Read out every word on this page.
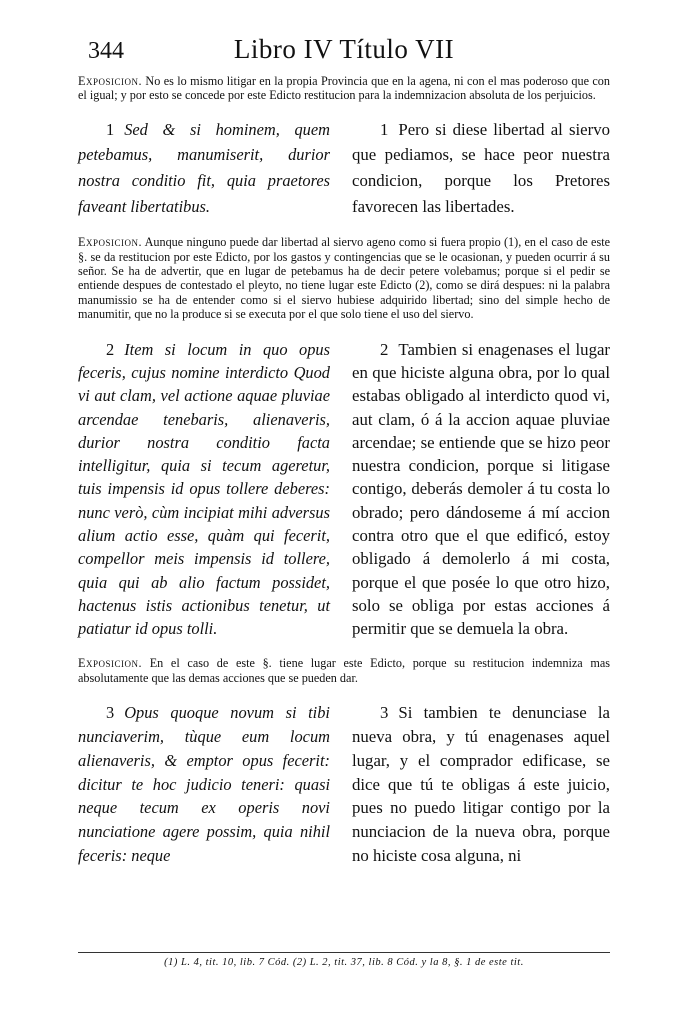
344	Libro IV Título VII

Exposicion. No es lo mismo litigar en la propia Provincia que en la agena, ni con el mas poderoso que con el igual; y por esto se concede por este Edicto restitucion para la indemnizacion absoluta de los perjuicios.

1 Sed & si hominem, quem petebamus, manumiserit, durior nostra conditio fit, quia praetores faveant libertatibus.

1 Pero si diese libertad al siervo que pediamos, se hace peor nuestra condicion, porque los Pretores favorecen las libertades.

Exposicion. Aunque ninguno puede dar libertad al siervo ageno como si fuera propio (1), en el caso de este §. se da restitucion por este Edicto, por los gastos y contingencias que se le ocasionan, y pueden ocurrir á su señor. Se ha de advertir, que en lugar de petebamus ha de decir petere volebamus; porque si el pedir se entiende despues de contestado el pleyto, no tiene lugar este Edicto (2), como se dirá despues: ni la palabra manumissio se ha de entender como si el siervo hubiese adquirido libertad; sino del simple hecho de manumitir, que no la produce si se executa por el que solo tiene el uso del siervo.

2 Item si locum in quo opus feceris, cujus nomine interdicto Quod vi aut clam, vel actione aquae pluviae arcendae tenebaris, alienaveris, durior nostra conditio facta intelligitur, quia si tecum ageretur, tuis impensis id opus tollere deberes: nunc verò, cùm incipiat mihi adversus alium actio esse, quàm qui fecerit, compellor meis impensis id tollere, quia qui ab alio factum possidet, hactenus istis actionibus tenetur, ut patiatur id opus tolli.

2 Tambien si enagenases el lugar en que hiciste alguna obra, por lo qual estabas obligado al interdicto quod vi, aut clam, ó á la accion aquae pluviae arcendae; se entiende que se hizo peor nuestra condicion, porque si litigase contigo, deberás demoler á tu costa lo obrado; pero dándoseme á mí accion contra otro que el que edificó, estoy obligado á demolerlo á mi costa, porque el que posée lo que otro hizo, solo se obliga por estas acciones á permitir que se demuela la obra.

Exposicion. En el caso de este §. tiene lugar este Edicto, porque su restitucion indemniza mas absolutamente que las demas acciones que se pueden dar.

3 Opus quoque novum si tibi nunciaverim, tùque eum locum alienaveris, & emptor opus fecerit: dicitur te hoc judicio teneri: quasi neque tecum ex operis novi nunciatione agere possim, quia nihil feceris: neque

3 Si tambien te denunciase la nueva obra, y tú enagenases aquel lugar, y el comprador edificase, se dice que tú te obligas á este juicio, pues no puedo litigar contigo por la nunciacion de la nueva obra, porque no hiciste cosa alguna, ni

(1) L. 4, tit. 10, lib. 7 Cód. (2) L. 2, tit. 37, lib. 8 Cód. y la 8, §. 1 de este tit.
